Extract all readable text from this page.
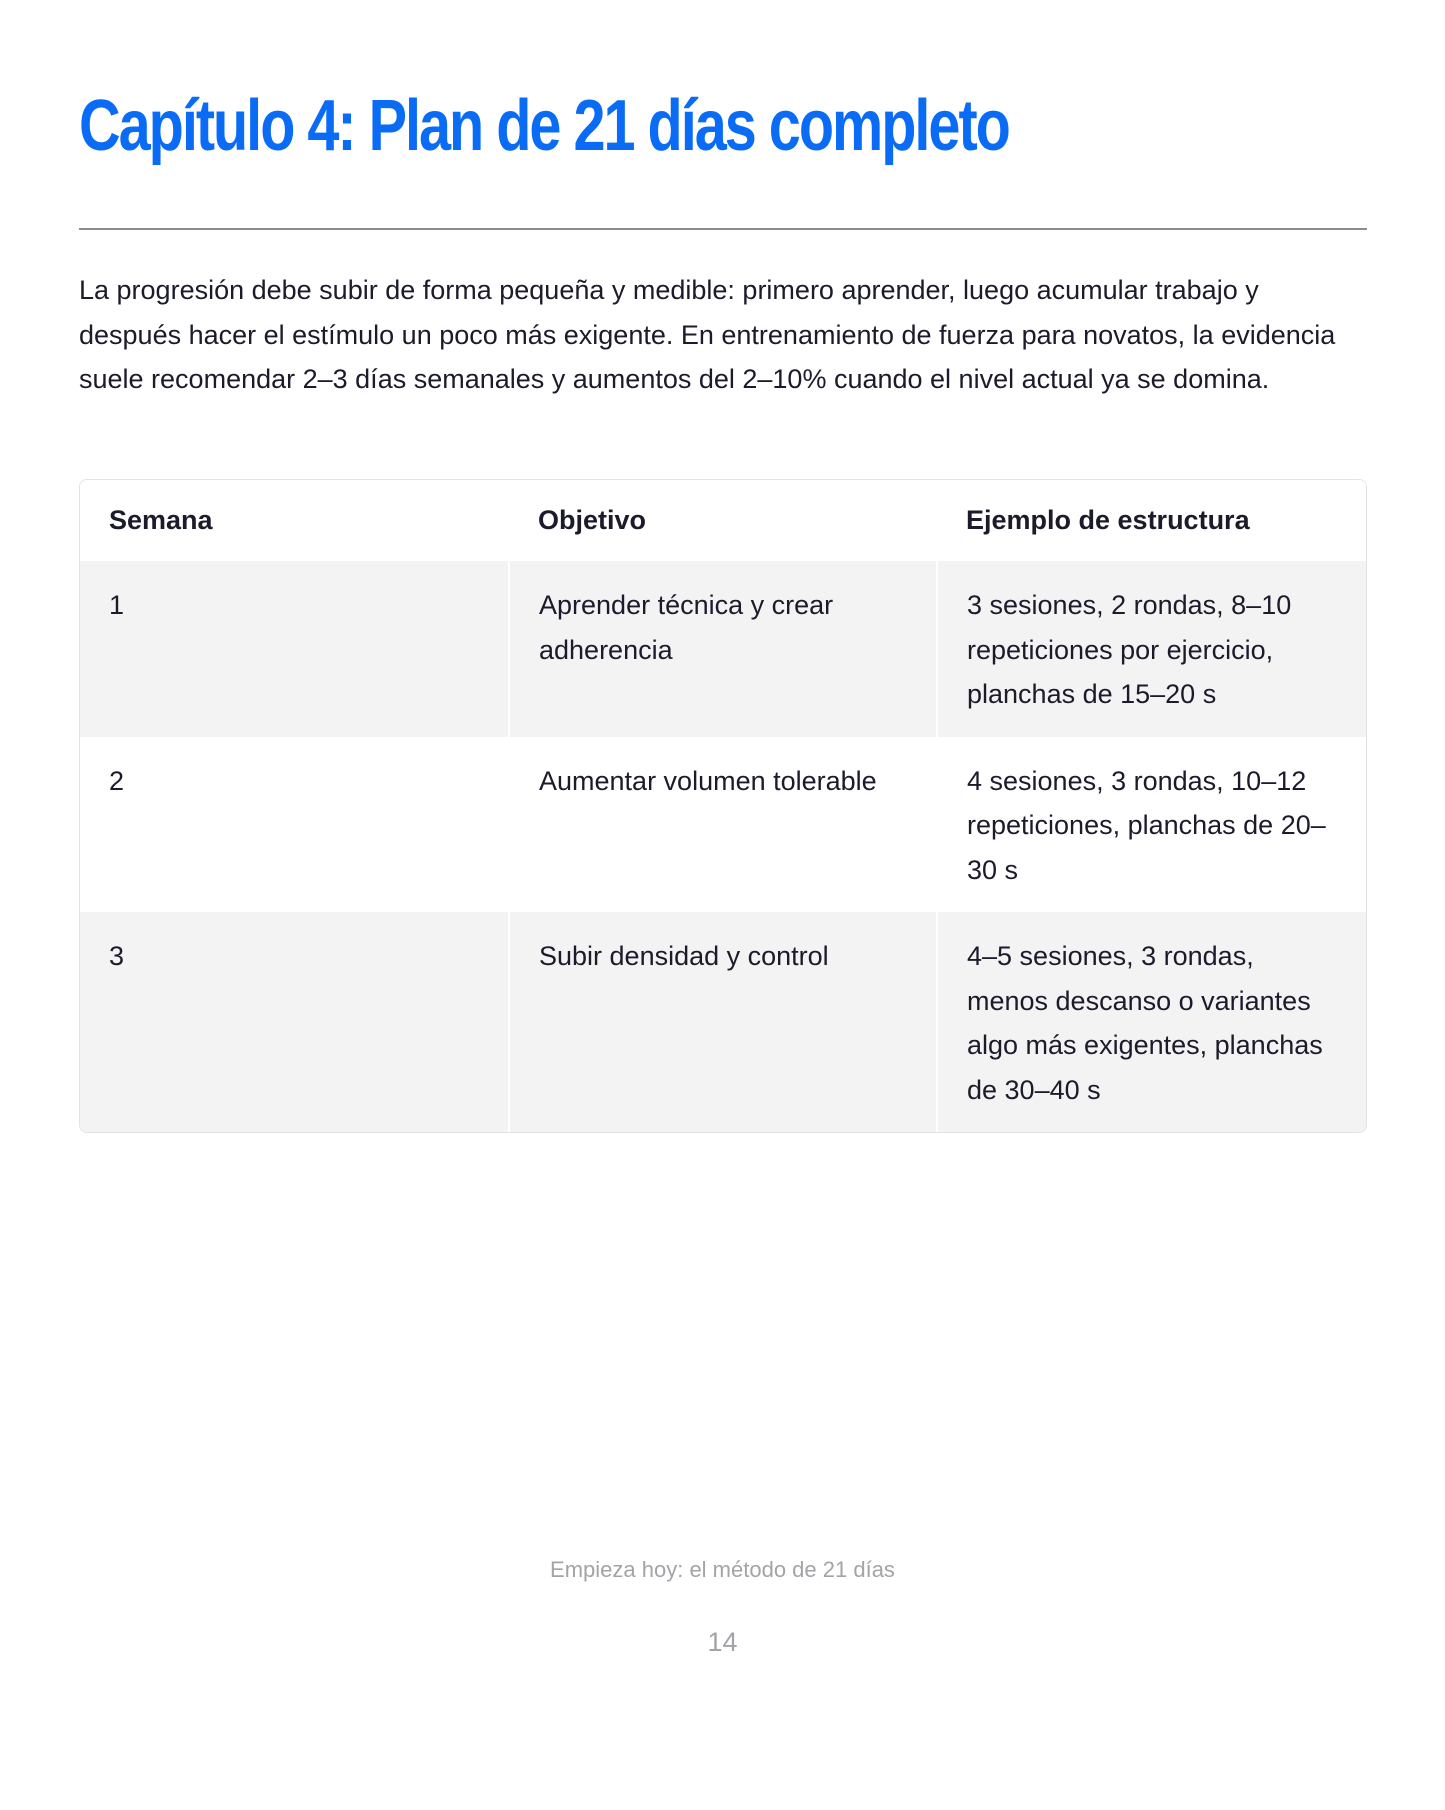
Capítulo 4: Plan de 21 días completo

La progresión debe subir de forma pequeña y medible: primero aprender, luego acumular trabajo y después hacer el estímulo un poco más exigente. En entrenamiento de fuerza para novatos, la evidencia suele recomendar 2–3 días semanales y aumentos del 2–10% cuando el nivel actual ya se domina.

Semana	Objetivo	Ejemplo de estructura
1	Aprender técnica y crear adherencia	3 sesiones, 2 rondas, 8–10 repeticiones por ejercicio, planchas de 15–20 s
2	Aumentar volumen tolerable	4 sesiones, 3 rondas, 10–12 repeticiones, planchas de 20–30 s
3	Subir densidad y control	4–5 sesiones, 3 rondas, menos descanso o variantes algo más exigentes, planchas de 30–40 s
Empieza hoy: el método de 21 días
14
